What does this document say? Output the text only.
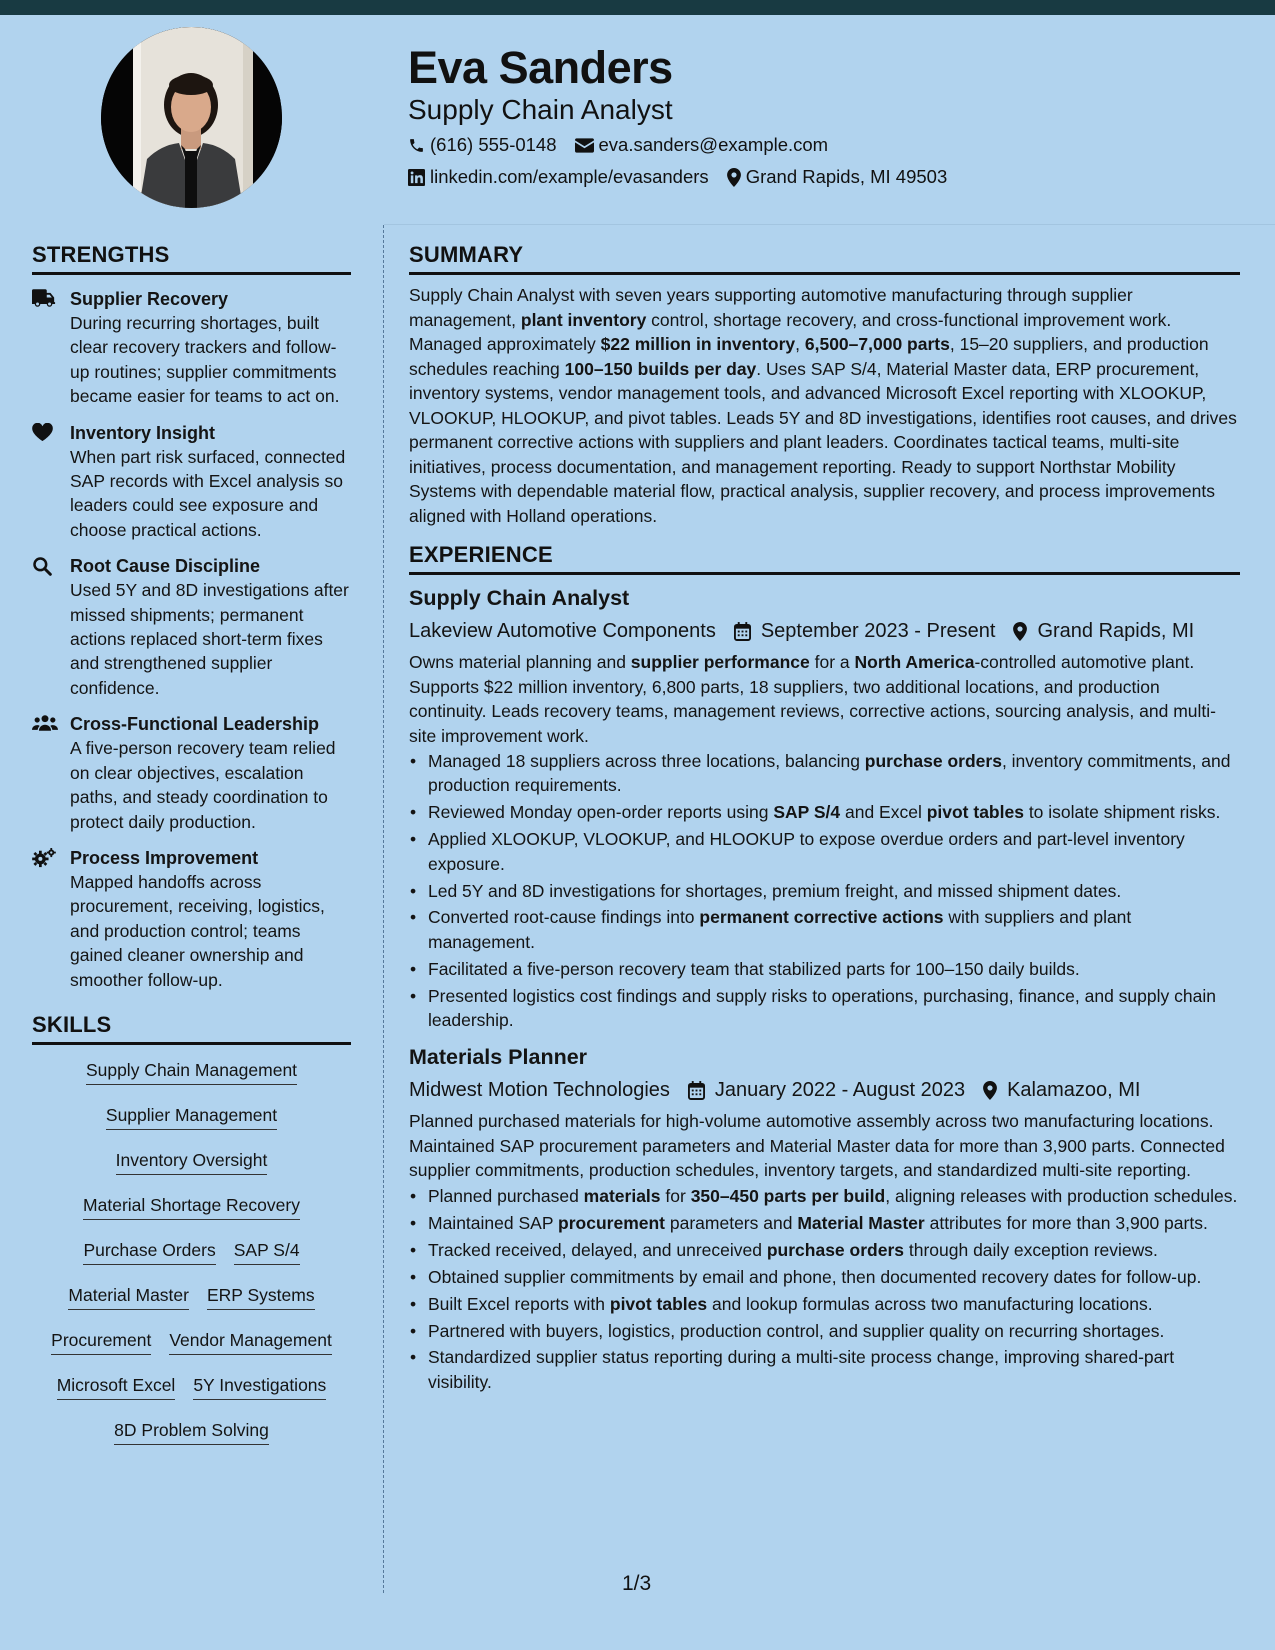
Eva Sanders
Supply Chain Analyst
(616) 555-0148 eva.sanders@example.com
linkedin.com/example/evasanders Grand Rapids, MI 49503
STRENGTHS
Supplier Recovery
During recurring shortages, built clear recovery trackers and follow-up routines; supplier commitments became easier for teams to act on.
Inventory Insight
When part risk surfaced, connected SAP records with Excel analysis so leaders could see exposure and choose practical actions.
Root Cause Discipline
Used 5Y and 8D investigations after missed shipments; permanent actions replaced short-term fixes and strengthened supplier confidence.
Cross-Functional Leadership
A five-person recovery team relied on clear objectives, escalation paths, and steady coordination to protect daily production.
Process Improvement
Mapped handoffs across procurement, receiving, logistics, and production control; teams gained cleaner ownership and smoother follow-up.
SKILLS
Supply Chain Management
Supplier Management
Inventory Oversight
Material Shortage Recovery
Purchase Orders SAP S/4
Material Master ERP Systems
Procurement Vendor Management
Microsoft Excel 5Y Investigations
8D Problem Solving
SUMMARY
Supply Chain Analyst with seven years supporting automotive manufacturing through supplier management, plant inventory control, shortage recovery, and cross-functional improvement work. Managed approximately $22 million in inventory, 6,500–7,000 parts, 15–20 suppliers, and production schedules reaching 100–150 builds per day. Uses SAP S/4, Material Master data, ERP procurement, inventory systems, vendor management tools, and advanced Microsoft Excel reporting with XLOOKUP, VLOOKUP, HLOOKUP, and pivot tables. Leads 5Y and 8D investigations, identifies root causes, and drives permanent corrective actions with suppliers and plant leaders. Coordinates tactical teams, multi-site initiatives, process documentation, and management reporting. Ready to support Northstar Mobility Systems with dependable material flow, practical analysis, supplier recovery, and process improvements aligned with Holland operations.
EXPERIENCE
Supply Chain Analyst
Lakeview Automotive Components September 2023 - Present Grand Rapids, MI
Owns material planning and supplier performance for a North America-controlled automotive plant. Supports $22 million inventory, 6,800 parts, 18 suppliers, two additional locations, and production continuity. Leads recovery teams, management reviews, corrective actions, sourcing analysis, and multi-site improvement work.
• Managed 18 suppliers across three locations, balancing purchase orders, inventory commitments, and production requirements.
• Reviewed Monday open-order reports using SAP S/4 and Excel pivot tables to isolate shipment risks.
• Applied XLOOKUP, VLOOKUP, and HLOOKUP to expose overdue orders and part-level inventory exposure.
• Led 5Y and 8D investigations for shortages, premium freight, and missed shipment dates.
• Converted root-cause findings into permanent corrective actions with suppliers and plant management.
• Facilitated a five-person recovery team that stabilized parts for 100–150 daily builds.
• Presented logistics cost findings and supply risks to operations, purchasing, finance, and supply chain leadership.
Materials Planner
Midwest Motion Technologies January 2022 - August 2023 Kalamazoo, MI
Planned purchased materials for high-volume automotive assembly across two manufacturing locations. Maintained SAP procurement parameters and Material Master data for more than 3,900 parts. Connected supplier commitments, production schedules, inventory targets, and standardized multi-site reporting.
• Planned purchased materials for 350–450 parts per build, aligning releases with production schedules.
• Maintained SAP procurement parameters and Material Master attributes for more than 3,900 parts.
• Tracked received, delayed, and unreceived purchase orders through daily exception reviews.
• Obtained supplier commitments by email and phone, then documented recovery dates for follow-up.
• Built Excel reports with pivot tables and lookup formulas across two manufacturing locations.
• Partnered with buyers, logistics, production control, and supplier quality on recurring shortages.
• Standardized supplier status reporting during a multi-site process change, improving shared-part visibility.
1/3
